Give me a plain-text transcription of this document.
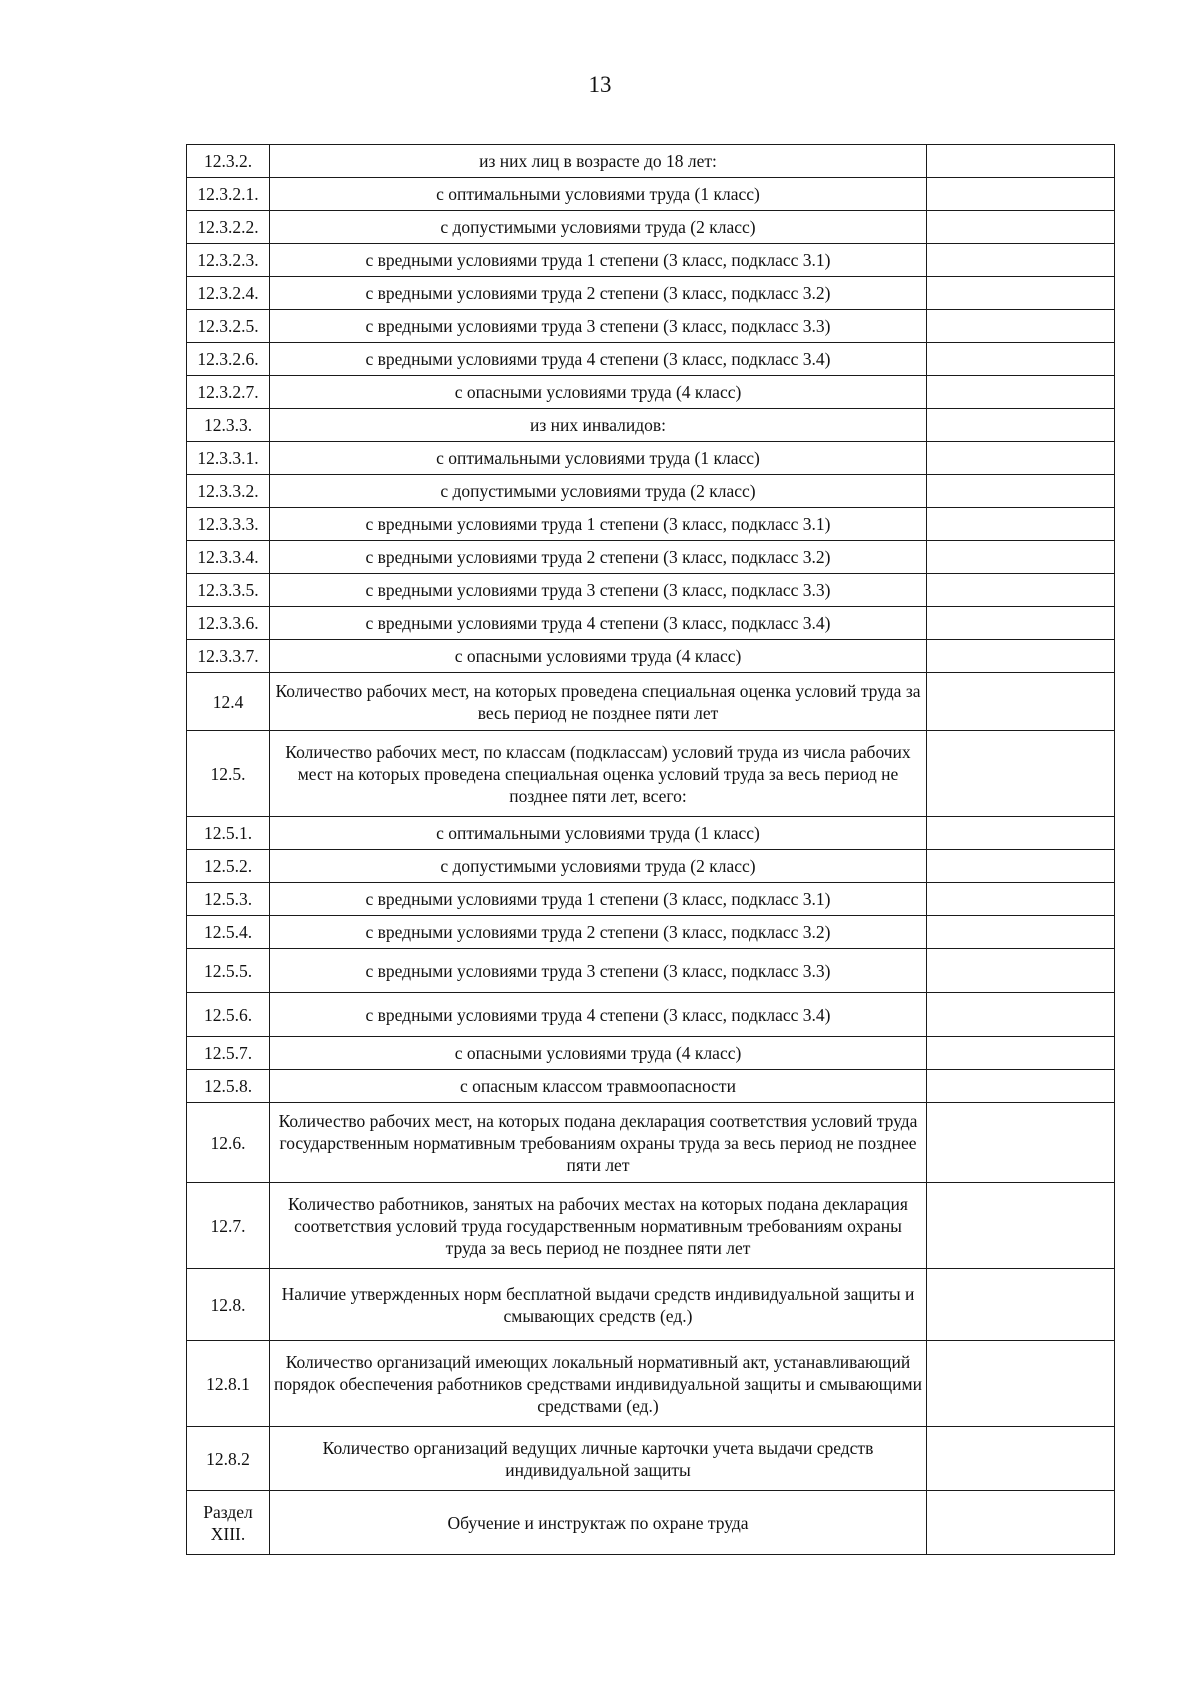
13
12.3.2.	из них лиц в возрасте до 18 лет:	
12.3.2.1.	с оптимальными условиями труда (1 класс)	
12.3.2.2.	с допустимыми условиями труда (2 класс)	
12.3.2.3.	с вредными условиями труда 1 степени (3 класс, подкласс 3.1)	
12.3.2.4.	с вредными условиями труда 2 степени (3 класс, подкласс 3.2)	
12.3.2.5.	с вредными условиями труда 3 степени (3 класс, подкласс 3.3)	
12.3.2.6.	с вредными условиями труда 4 степени (3 класс, подкласс 3.4)	
12.3.2.7.	с опасными условиями труда (4 класс)	
12.3.3.	из них инвалидов:	
12.3.3.1.	с оптимальными условиями труда (1 класс)	
12.3.3.2.	с допустимыми условиями труда (2 класс)	
12.3.3.3.	с вредными условиями труда 1 степени (3 класс, подкласс 3.1)	
12.3.3.4.	с вредными условиями труда 2 степени (3 класс, подкласс 3.2)	
12.3.3.5.	с вредными условиями труда 3 степени (3 класс, подкласс 3.3)	
12.3.3.6.	с вредными условиями труда 4 степени (3 класс, подкласс 3.4)	
12.3.3.7.	с опасными условиями труда (4 класс)	
12.4	Количество рабочих мест, на которых проведена специальная оценка условий труда за весь период не позднее пяти лет	
12.5.	Количество рабочих мест, по классам (подклассам) условий труда из числа рабочих мест на которых проведена специальная оценка условий труда за весь период не позднее пяти лет, всего:	
12.5.1.	с оптимальными условиями труда (1 класс)	
12.5.2.	с допустимыми условиями труда (2 класс)	
12.5.3.	с вредными условиями труда 1 степени (3 класс, подкласс 3.1)	
12.5.4.	с вредными условиями труда 2 степени (3 класс, подкласс 3.2)	
12.5.5.	с вредными условиями труда 3 степени (3 класс, подкласс 3.3)	
12.5.6.	с вредными условиями труда 4 степени (3 класс, подкласс 3.4)	
12.5.7.	с опасными условиями труда (4 класс)	
12.5.8.	с опасным классом травмоопасности	
12.6.	Количество рабочих мест, на которых подана декларация соответствия условий труда государственным нормативным требованиям охраны труда за весь период не позднее пяти лет	
12.7.	Количество работников, занятых на рабочих местах на которых подана декларация соответствия условий труда государственным нормативным требованиям охраны труда за весь период не позднее пяти лет	
12.8.	Наличие утвержденных норм бесплатной выдачи средств индивидуальной защиты и смывающих средств (ед.)	
12.8.1	Количество организаций имеющих локальный нормативный акт, устанавливающий порядок обеспечения работников средствами индивидуальной защиты и смывающими средствами (ед.)	
12.8.2	Количество организаций ведущих личные карточки учета выдачи средств индивидуальной защиты	
Раздел XIII.	Обучение и инструктаж по охране труда	
